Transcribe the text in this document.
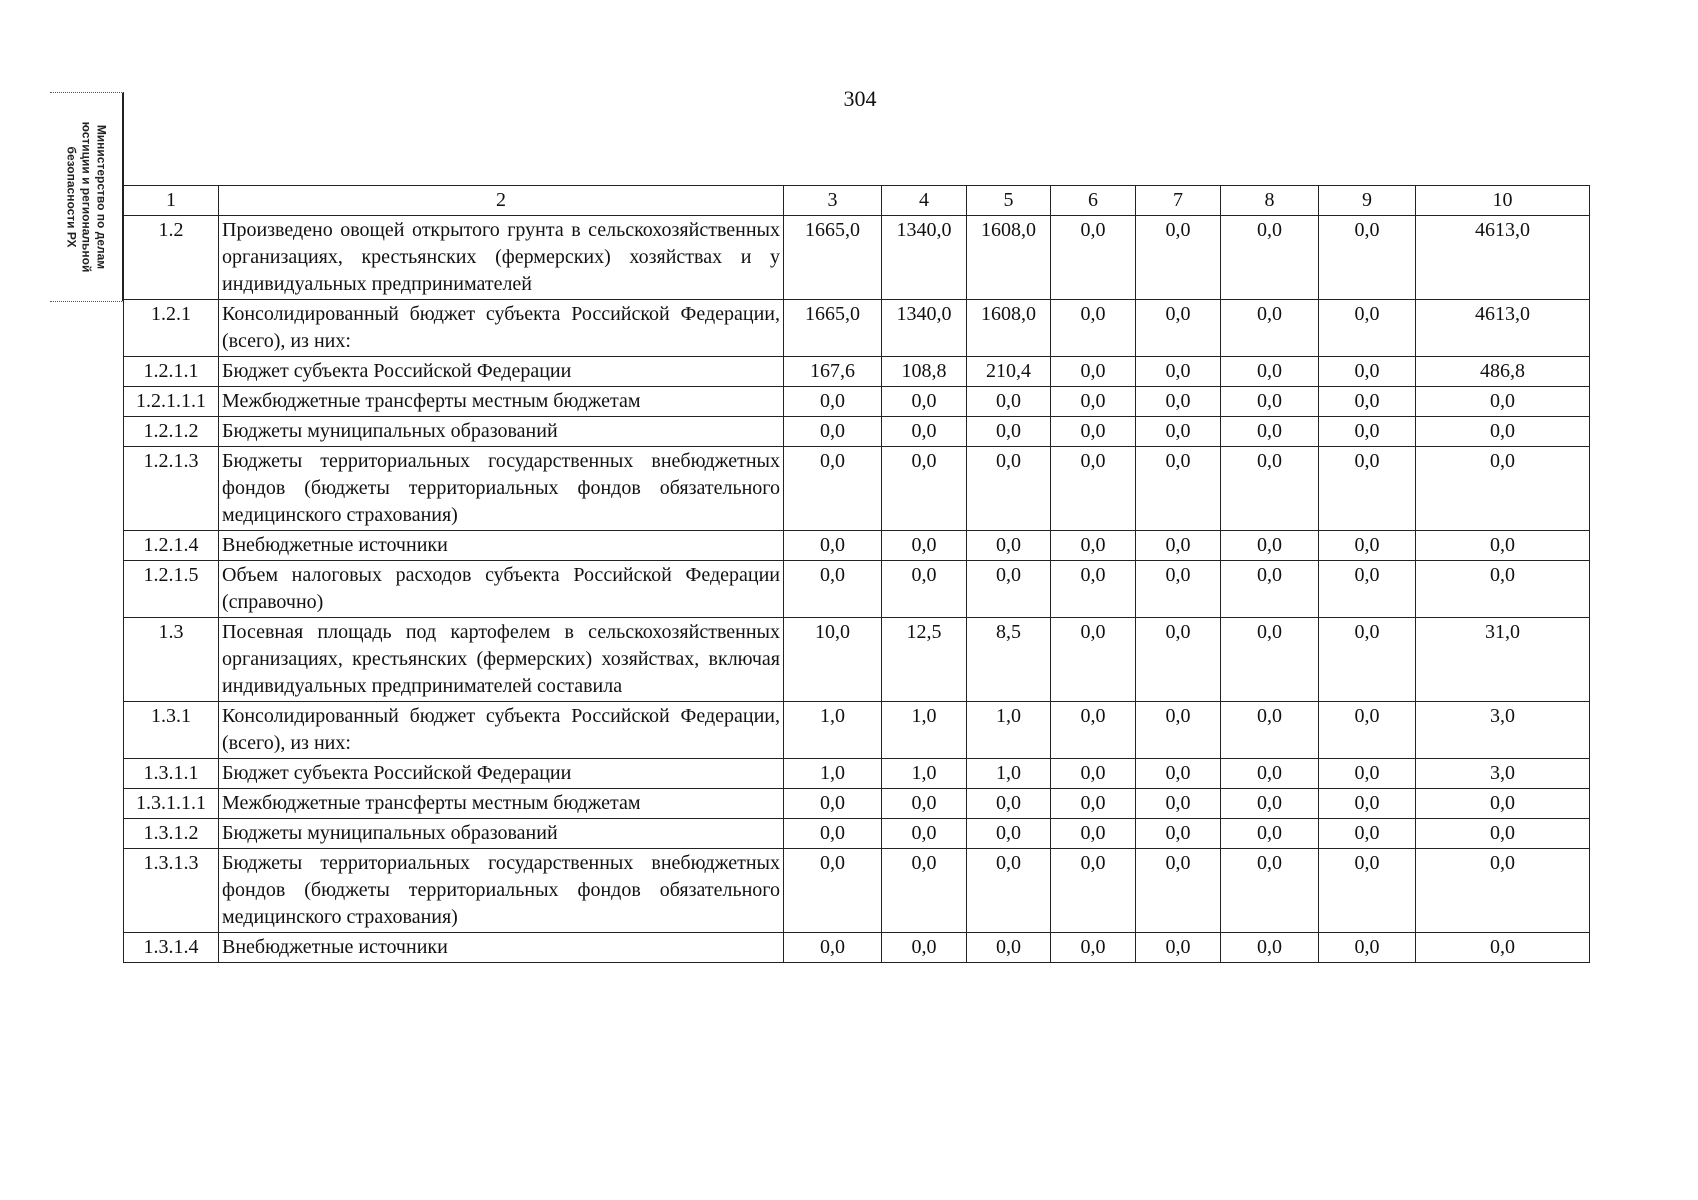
304
Министерство по делам
юстиции и региональной
безопасности РХ	1	2	3	4	5	6	7	8	9	10
1.2	Произведено овощей открытого грунта в сельскохозяйственных организациях, крестьянских (фермерских) хозяйствах и у индивидуальных предпринимателей	1665,0	1340,0	1608,0	0,0	0,0	0,0	0,0	4613,0
1.2.1	Консолидированный бюджет субъекта Российской Федерации, (всего), из них:	1665,0	1340,0	1608,0	0,0	0,0	0,0	0,0	4613,0
1.2.1.1	Бюджет субъекта Российской Федерации	167,6	108,8	210,4	0,0	0,0	0,0	0,0	486,8
1.2.1.1.1	Межбюджетные трансферты местным бюджетам	0,0	0,0	0,0	0,0	0,0	0,0	0,0	0,0
1.2.1.2	Бюджеты муниципальных образований	0,0	0,0	0,0	0,0	0,0	0,0	0,0	0,0
1.2.1.3	Бюджеты территориальных государственных внебюджетных фондов (бюджеты территориальных фондов обязательного медицинского страхования)	0,0	0,0	0,0	0,0	0,0	0,0	0,0	0,0
1.2.1.4	Внебюджетные источники	0,0	0,0	0,0	0,0	0,0	0,0	0,0	0,0
1.2.1.5	Объем налоговых расходов субъекта Российской Федерации (справочно)	0,0	0,0	0,0	0,0	0,0	0,0	0,0	0,0
1.3	Посевная площадь под картофелем в сельскохозяйственных организациях, крестьянских (фермерских) хозяйствах, включая индивидуальных предпринимателей составила	10,0	12,5	8,5	0,0	0,0	0,0	0,0	31,0
1.3.1	Консолидированный бюджет субъекта Российской Федерации, (всего), из них:	1,0	1,0	1,0	0,0	0,0	0,0	0,0	3,0
1.3.1.1	Бюджет субъекта Российской Федерации	1,0	1,0	1,0	0,0	0,0	0,0	0,0	3,0
1.3.1.1.1	Межбюджетные трансферты местным бюджетам	0,0	0,0	0,0	0,0	0,0	0,0	0,0	0,0
1.3.1.2	Бюджеты муниципальных образований	0,0	0,0	0,0	0,0	0,0	0,0	0,0	0,0
1.3.1.3	Бюджеты территориальных государственных внебюджетных фондов (бюджеты территориальных фондов обязательного медицинского страхования)	0,0	0,0	0,0	0,0	0,0	0,0	0,0	0,0
1.3.1.4	Внебюджетные источники	0,0	0,0	0,0	0,0	0,0	0,0	0,0	0,0
